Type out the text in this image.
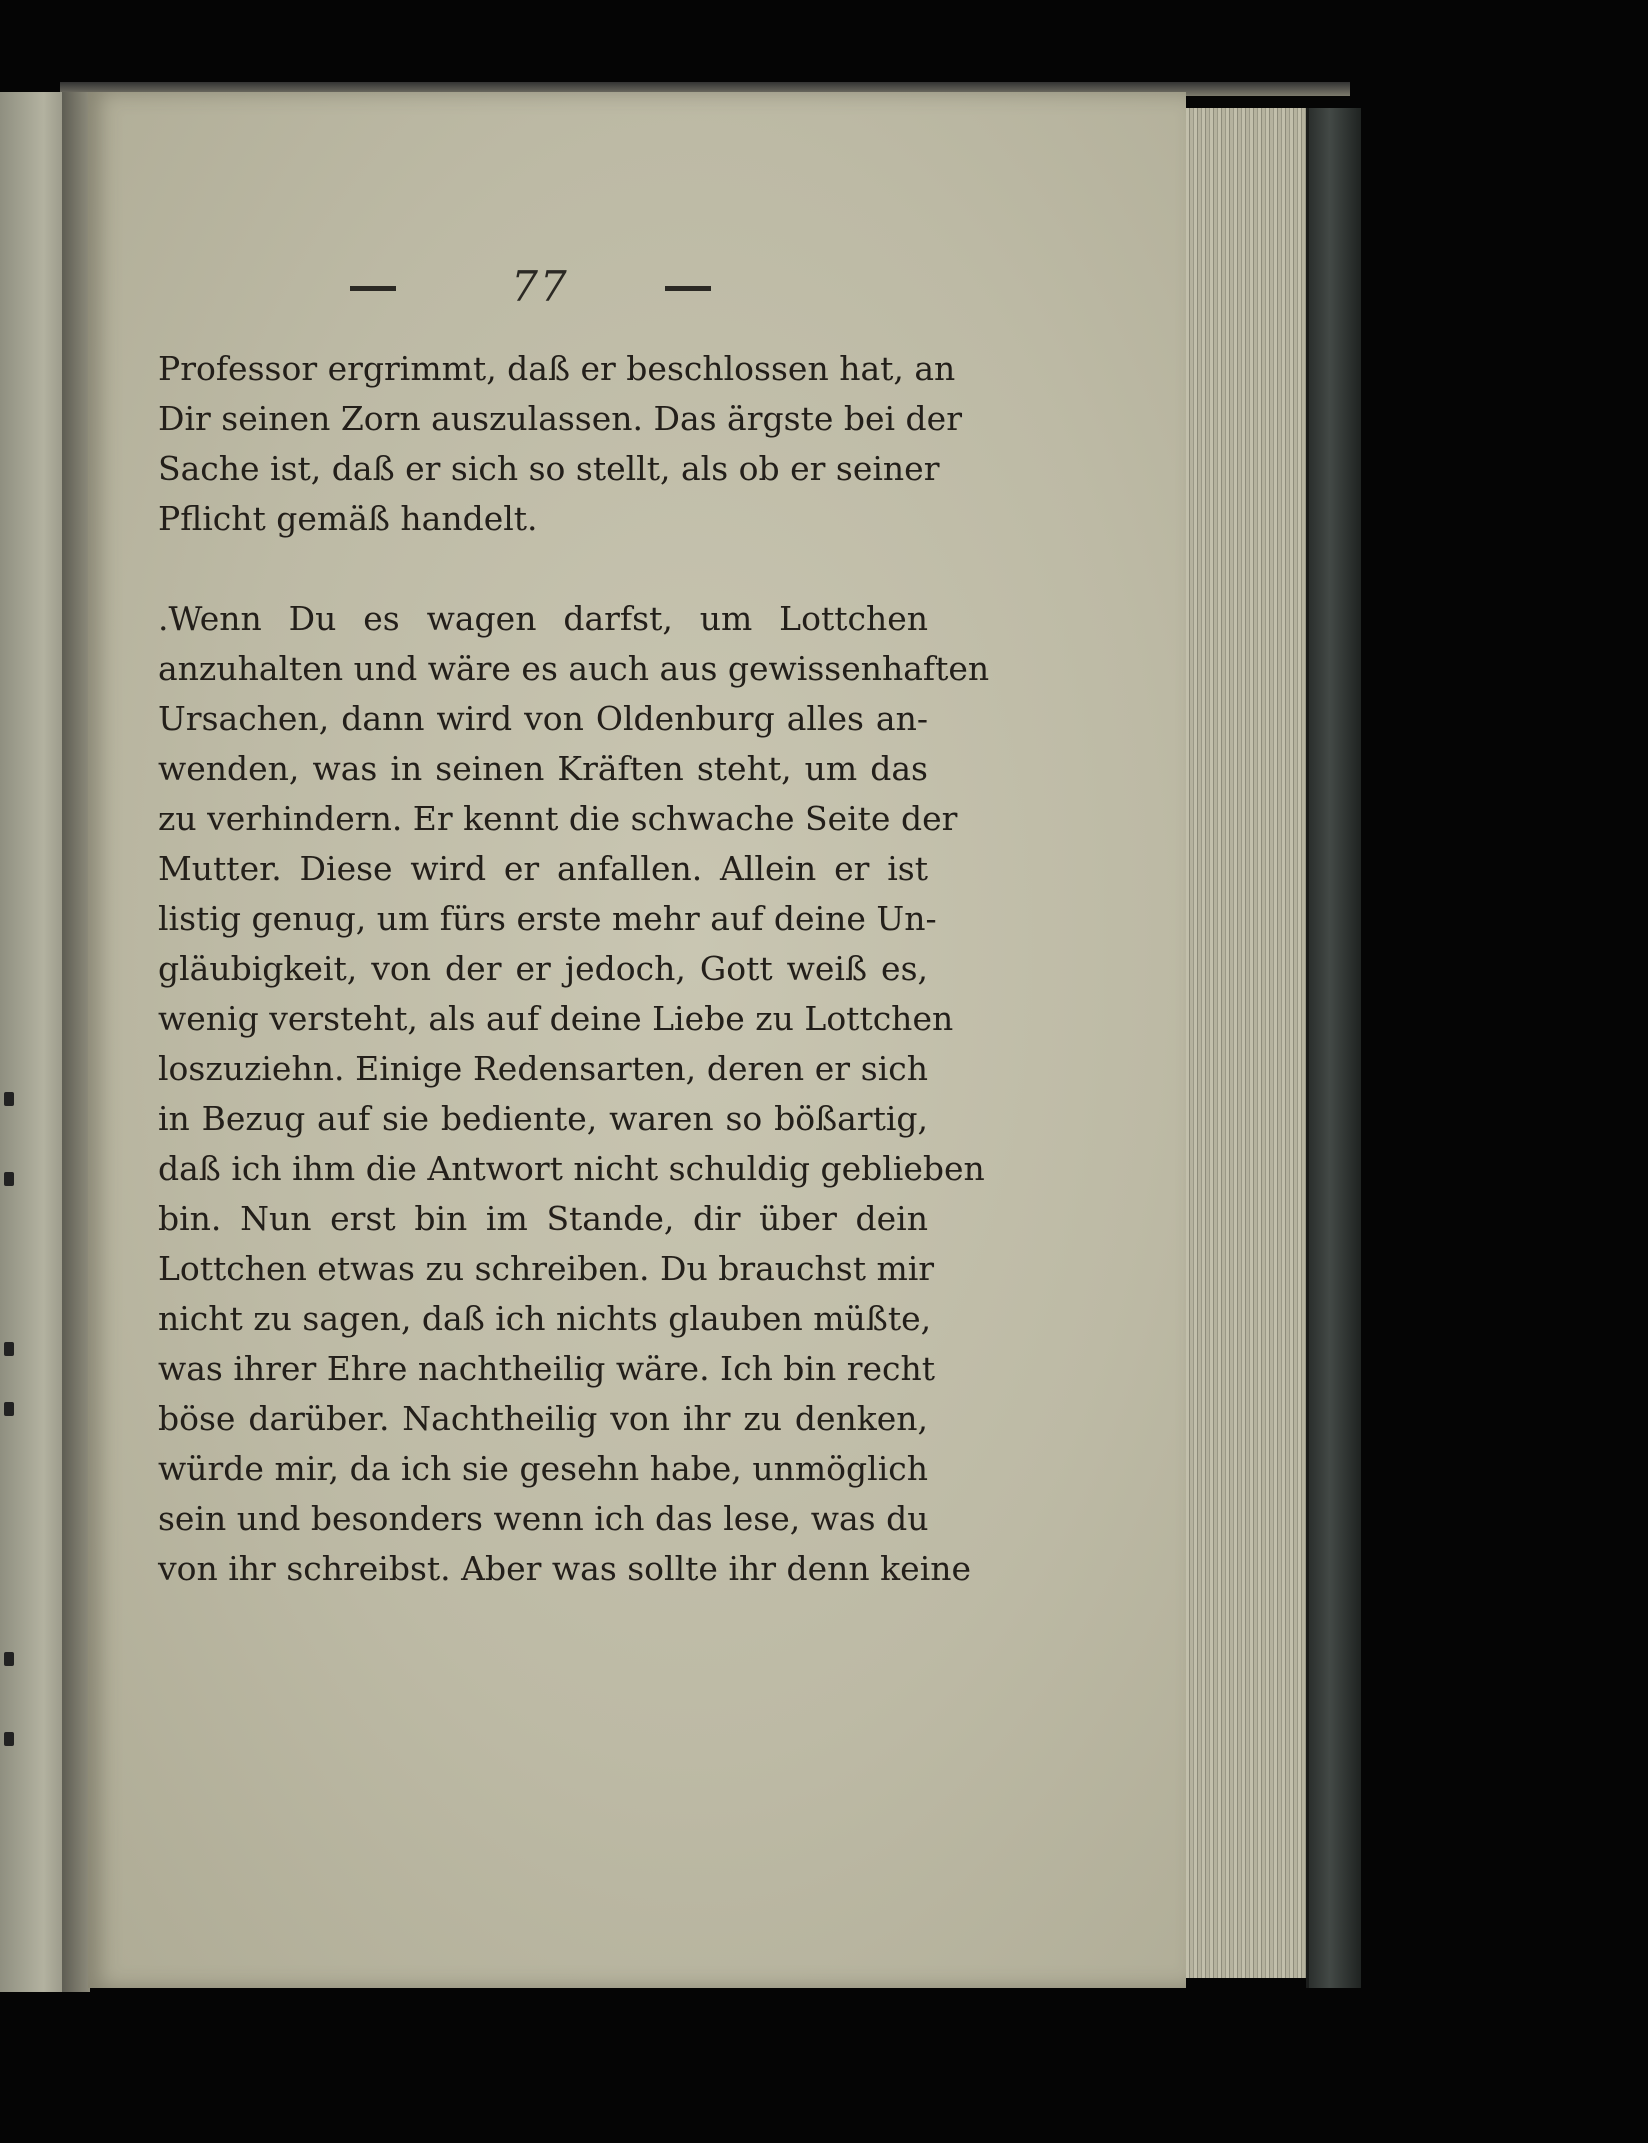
77
Professor ergrimmt, daß er beschlossen hat, an
Dir seinen Zorn auszulassen. Das ärgste bei der
Sache ist, daß er sich so stellt, als ob er seiner
Pflicht gemäß handelt.
.Wenn Du es wagen darfst, um Lottchen
anzuhalten und wäre es auch aus gewissenhaften
Ursachen, dann wird von Oldenburg alles an-
wenden, was in seinen Kräften steht, um das
zu verhindern. Er kennt die schwache Seite der
Mutter. Diese wird er anfallen. Allein er ist
listig genug, um fürs erste mehr auf deine Un-
gläubigkeit, von der er jedoch, Gott weiß es,
wenig versteht, als auf deine Liebe zu Lottchen
loszuziehn. Einige Redensarten, deren er sich
in Bezug auf sie bediente, waren so bößartig,
daß ich ihm die Antwort nicht schuldig geblieben
bin. Nun erst bin im Stande, dir über dein
Lottchen etwas zu schreiben. Du brauchst mir
nicht zu sagen, daß ich nichts glauben müßte,
was ihrer Ehre nachtheilig wäre. Ich bin recht
böse darüber. Nachtheilig von ihr zu denken,
würde mir, da ich sie gesehn habe, unmöglich
sein und besonders wenn ich das lese, was du
von ihr schreibst. Aber was sollte ihr denn keine
